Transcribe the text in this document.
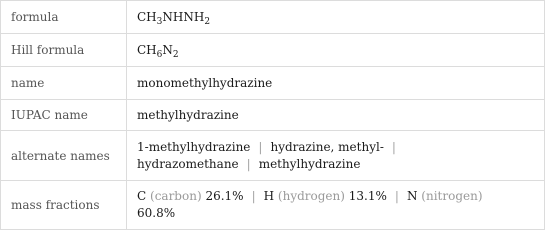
formula	$CH_3NHNH_2$
Hill formula	$CH_6N_2$
name	monomethylhydrazine
IUPAC name	methylhydrazine
alternate names	1-methylhydrazine | hydrazine, methyl- |
hydrazomethane | methylhydrazine
mass fractions	C (carbon) 26.1% | H (hydrogen) 13.1% | N (nitrogen)
60.8%
